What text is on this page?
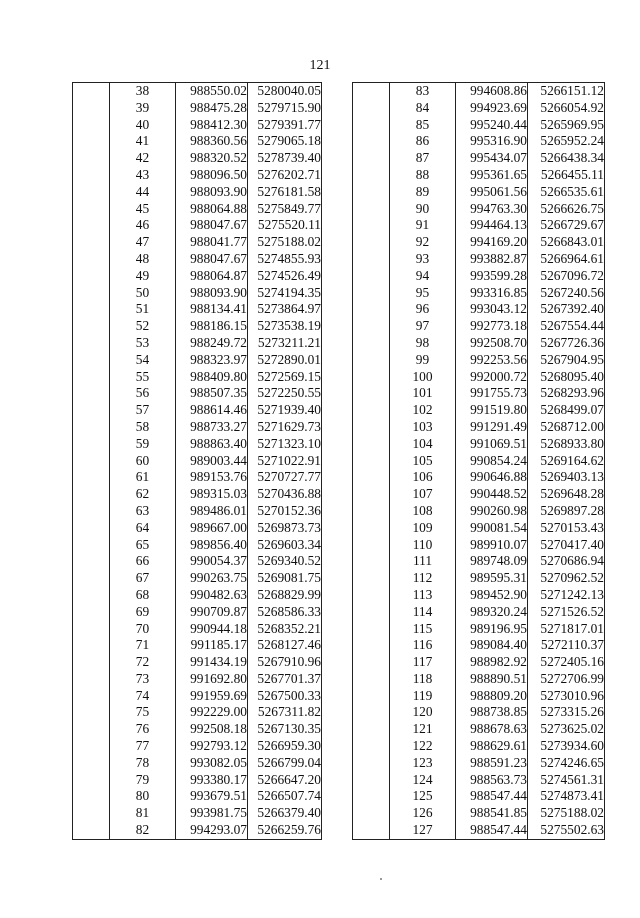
121
	38	988550.02	5280040.05
	39	988475.28	5279715.90
	40	988412.30	5279391.77
	41	988360.56	5279065.18
	42	988320.52	5278739.40
	43	988096.50	5276202.71
	44	988093.90	5276181.58
	45	988064.88	5275849.77
	46	988047.67	5275520.11
	47	988041.77	5275188.02
	48	988047.67	5274855.93
	49	988064.87	5274526.49
	50	988093.90	5274194.35
	51	988134.41	5273864.97
	52	988186.15	5273538.19
	53	988249.72	5273211.21
	54	988323.97	5272890.01
	55	988409.80	5272569.15
	56	988507.35	5272250.55
	57	988614.46	5271939.40
	58	988733.27	5271629.73
	59	988863.40	5271323.10
	60	989003.44	5271022.91
	61	989153.76	5270727.77
	62	989315.03	5270436.88
	63	989486.01	5270152.36
	64	989667.00	5269873.73
	65	989856.40	5269603.34
	66	990054.37	5269340.52
	67	990263.75	5269081.75
	68	990482.63	5268829.99
	69	990709.87	5268586.33
	70	990944.18	5268352.21
	71	991185.17	5268127.46
	72	991434.19	5267910.96
	73	991692.80	5267701.37
	74	991959.69	5267500.33
	75	992229.00	5267311.82
	76	992508.18	5267130.35
	77	992793.12	5266959.30
	78	993082.05	5266799.04
	79	993380.17	5266647.20
	80	993679.51	5266507.74
	81	993981.75	5266379.40
	82	994293.07	5266259.76
	83	994608.86	5266151.12
	84	994923.69	5266054.92
	85	995240.44	5265969.95
	86	995316.90	5265952.24
	87	995434.07	5266438.34
	88	995361.65	5266455.11
	89	995061.56	5266535.61
	90	994763.30	5266626.75
	91	994464.13	5266729.67
	92	994169.20	5266843.01
	93	993882.87	5266964.61
	94	993599.28	5267096.72
	95	993316.85	5267240.56
	96	993043.12	5267392.40
	97	992773.18	5267554.44
	98	992508.70	5267726.36
	99	992253.56	5267904.95
	100	992000.72	5268095.40
	101	991755.73	5268293.96
	102	991519.80	5268499.07
	103	991291.49	5268712.00
	104	991069.51	5268933.80
	105	990854.24	5269164.62
	106	990646.88	5269403.13
	107	990448.52	5269648.28
	108	990260.98	5269897.28
	109	990081.54	5270153.43
	110	989910.07	5270417.40
	111	989748.09	5270686.94
	112	989595.31	5270962.52
	113	989452.90	5271242.13
	114	989320.24	5271526.52
	115	989196.95	5271817.01
	116	989084.40	5272110.37
	117	988982.92	5272405.16
	118	988890.51	5272706.99
	119	988809.20	5273010.96
	120	988738.85	5273315.26
	121	988678.63	5273625.02
	122	988629.61	5273934.60
	123	988591.23	5274246.65
	124	988563.73	5274561.31
	125	988547.44	5274873.41
	126	988541.85	5275188.02
	127	988547.44	5275502.63
